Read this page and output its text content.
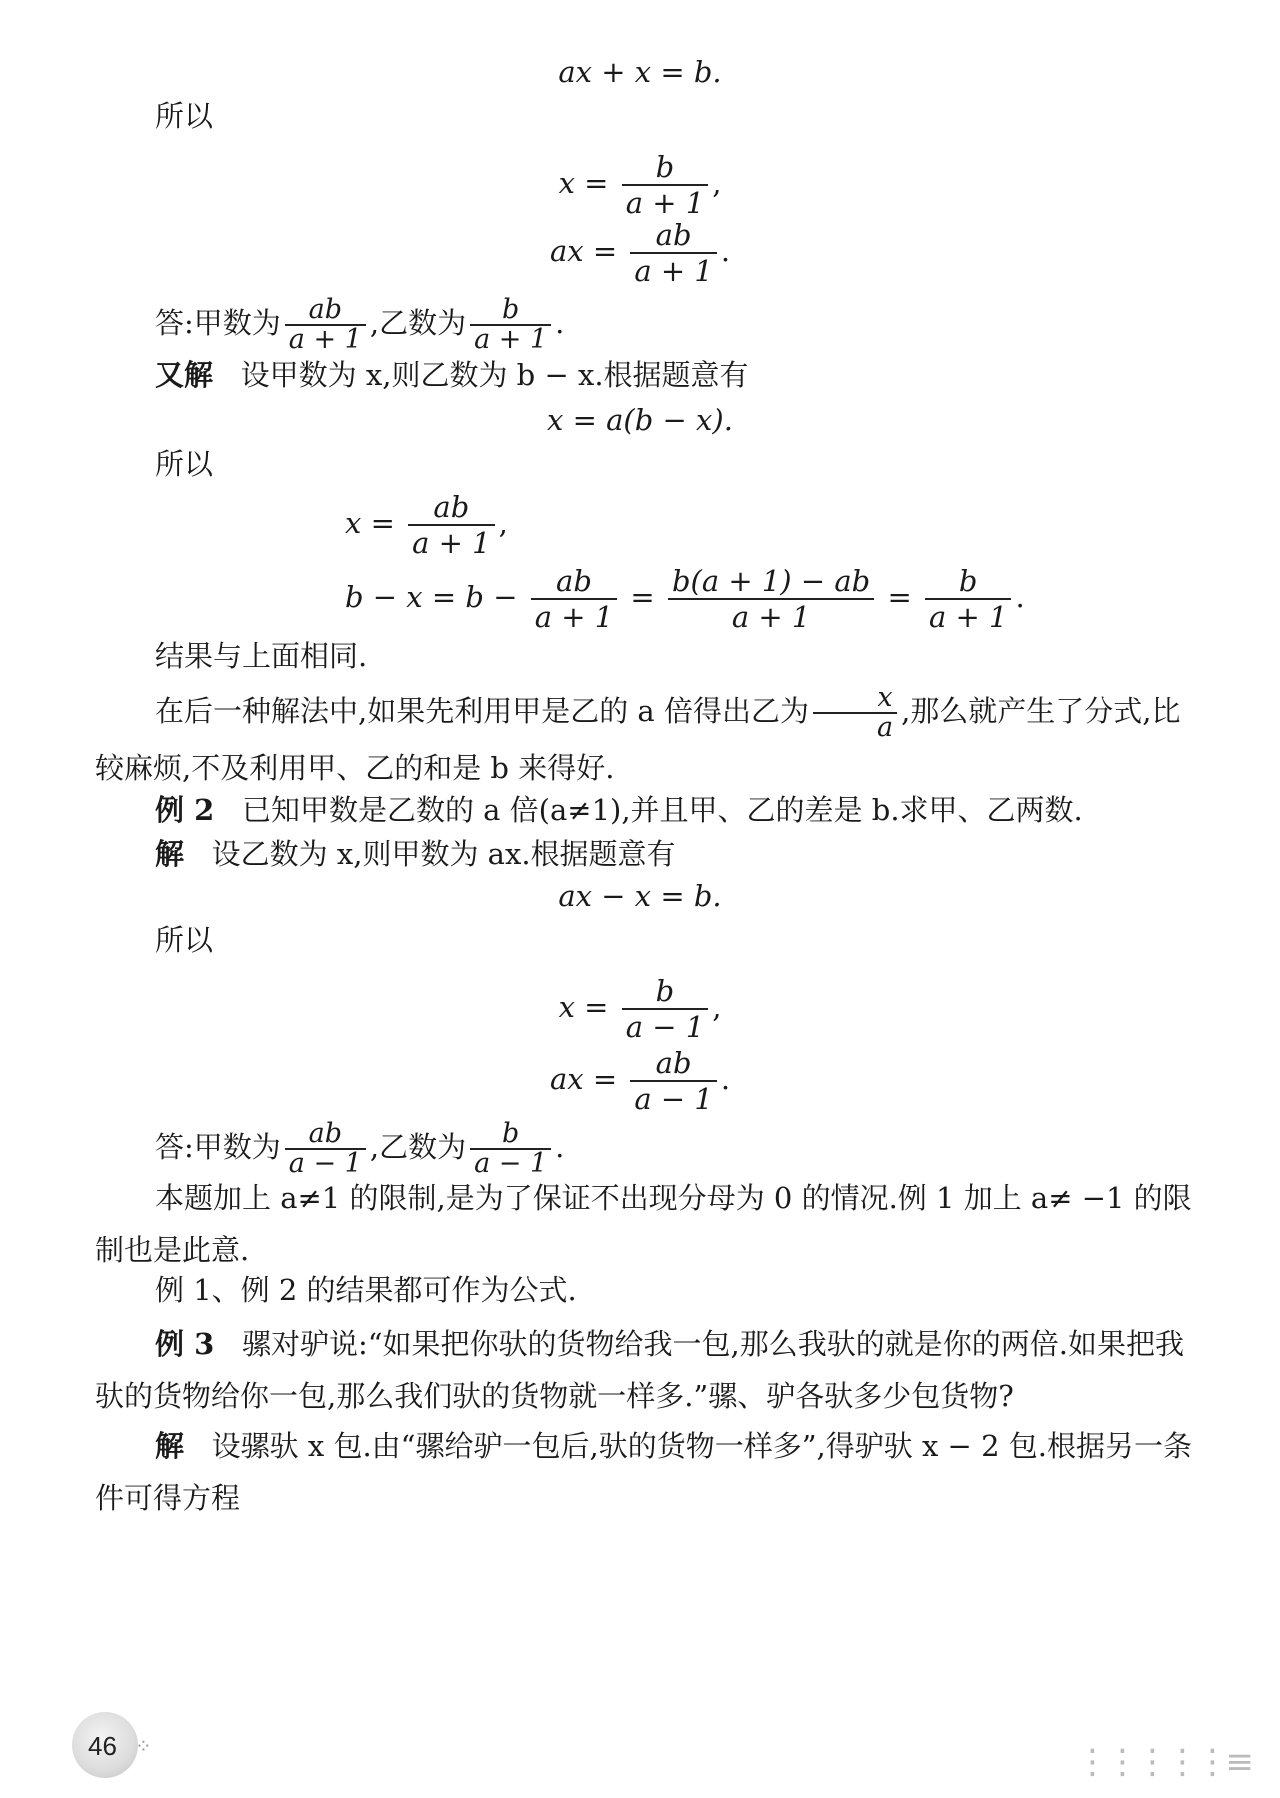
ax + x = b.
所以
$x = \frac{b}{a + 1}$ ,
ax = $\frac{ab}{a + 1}$ .
答:甲数为 $\frac{ab}{a + 1}$ ,乙数为 $\frac{b}{a + 1}$ .
又解 设甲数为 x,则乙数为 b − x.根据题意有
x = a(b − x).
所以
$x = \frac{ab}{a + 1}$ ,
$b - x = b - \frac{ab}{a + 1} = \frac{b(a + 1) - ab}{a + 1} = \frac{b}{a + 1}$ .
结果与上面相同.
在后一种解法中,如果先利用甲是乙的 a 倍得出乙为 $\frac{x}{a}$ ,那么就产生了分式,比较麻烦,不及利用甲、乙的和是 b 来得好.
例 2 已知甲数是乙数的 a 倍(a≠1),并且甲、乙的差是 b.求甲、乙两数.
解 设乙数为 x,则甲数为 ax.根据题意有
ax − x = b.
所以
$x = \frac{b}{a - 1}$ ,
ax = $\frac{ab}{a - 1}$ .
答:甲数为 $\frac{ab}{a - 1}$ ,乙数为 $\frac{b}{a - 1}$ .
本题加上 a≠1 的限制,是为了保证不出现分母为 0 的情况.例 1 加上 a≠ −1 的限制也是此意.
例 1、例 2 的结果都可作为公式.
例 3 骡对驴说:“如果把你驮的货物给我一包,那么我驮的就是你的两倍.如果把我驮的货物给你一包,那么我们驮的货物就一样多.”骡、驴各驮多少包货物?
解 设骡驮 x 包.由“骡给驴一包后,驮的货物一样多”,得驴驮 x − 2 包.根据另一条件可得方程
46 ⁘	⋮⋮⋮⋮⋮≡
